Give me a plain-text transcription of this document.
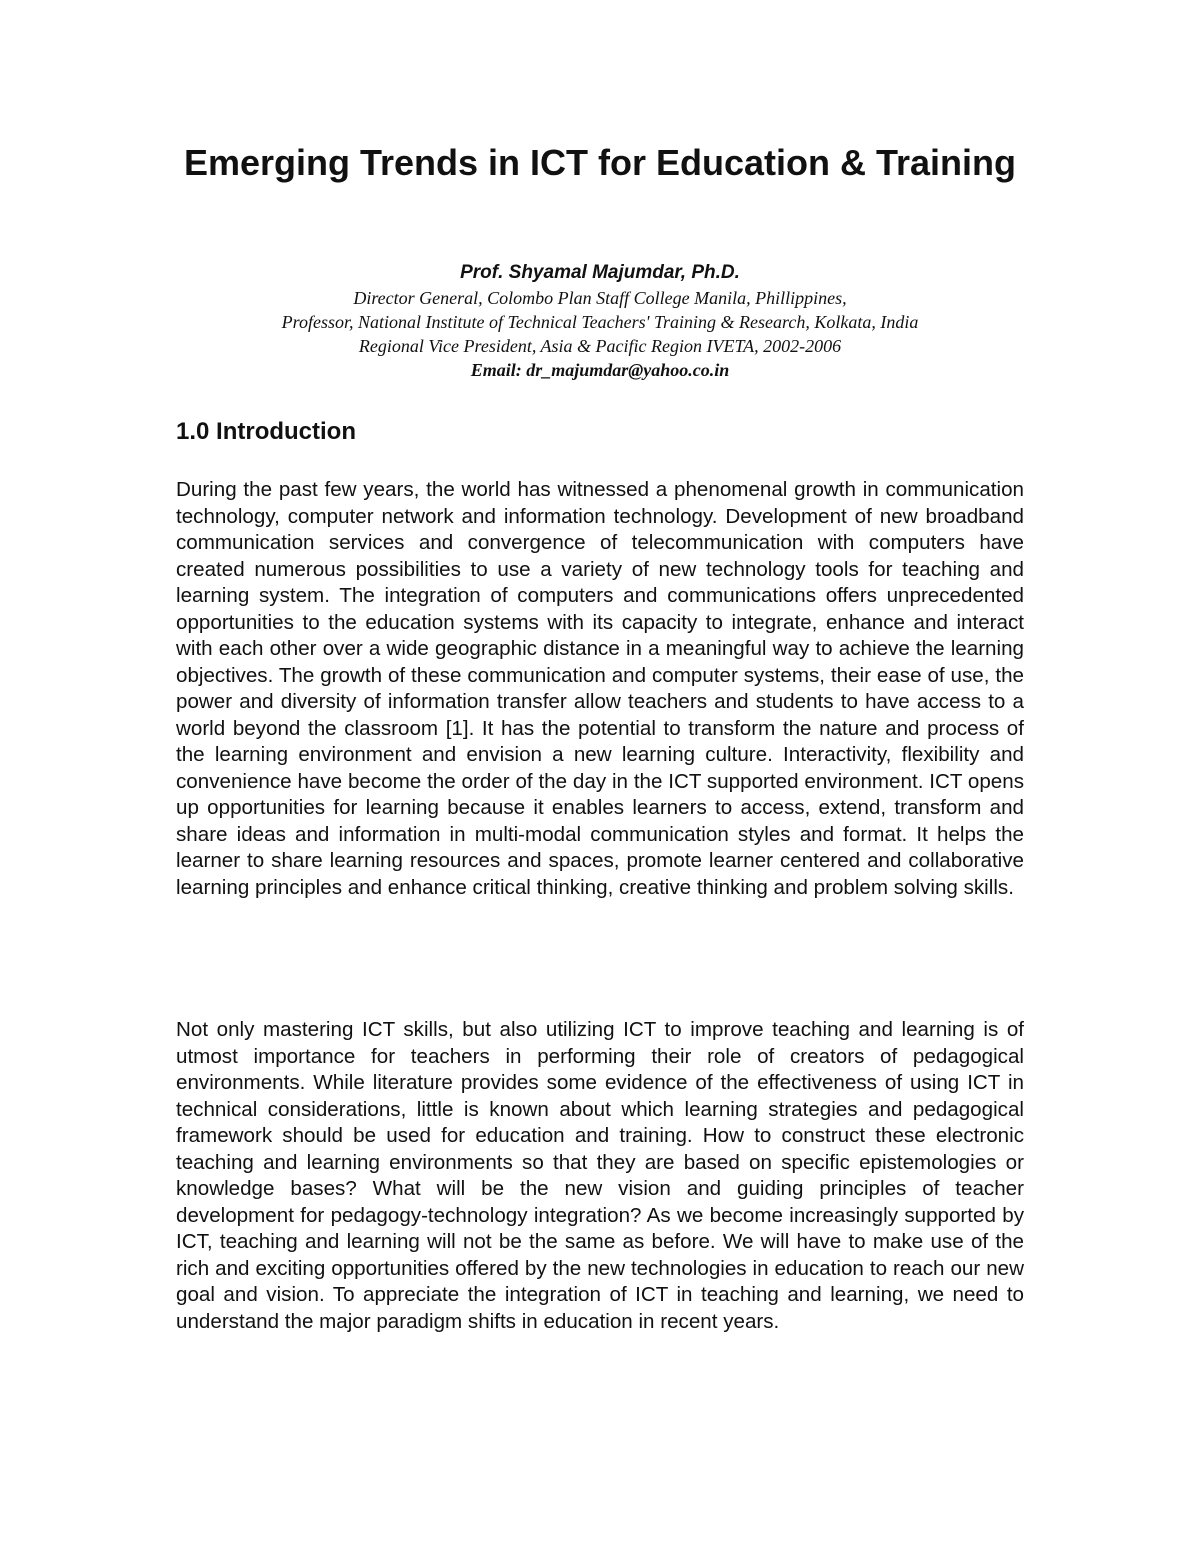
Emerging Trends in ICT for Education & Training

Prof. Shyamal Majumdar, Ph.D.

Director General, Colombo Plan Staff College Manila, Phillippines,

Professor, National Institute of Technical Teachers' Training & Research, Kolkata, India

Regional Vice President, Asia & Pacific Region IVETA, 2002-2006

Email: dr_majumdar@yahoo.co.in

1.0 Introduction

During the past few years, the world has witnessed a phenomenal growth in communication technology, computer network and information technology. Development of new broadband communication services and convergence of telecommunication with computers have created numerous possibilities to use a variety of new technology tools for teaching and learning system. The integration of computers and communications offers unprecedented opportunities to the education systems with its capacity to integrate, enhance and interact with each other over a wide geographic distance in a meaningful way to achieve the learning objectives. The growth of these communication and computer systems, their ease of use, the power and diversity of information transfer allow teachers and students to have access to a world beyond the classroom [1]. It has the potential to transform the nature and process of the learning environment and envision a new learning culture. Interactivity, flexibility and convenience have become the order of the day in the ICT supported environment. ICT opens up opportunities for learning because it enables learners to access, extend, transform and share ideas and information in multi-modal communication styles and format. It helps the learner to share learning resources and spaces, promote learner centered and collaborative learning principles and enhance critical thinking, creative thinking and problem solving skills.

Not only mastering ICT skills, but also utilizing ICT to improve teaching and learning is of utmost importance for teachers in performing their role of creators of pedagogical environments. While literature provides some evidence of the effectiveness of using ICT in technical considerations, little is known about which learning strategies and pedagogical framework should be used for education and training. How to construct these electronic teaching and learning environments so that they are based on specific epistemologies or knowledge bases? What will be the new vision and guiding principles of teacher development for pedagogy-technology integration? As we become increasingly supported by ICT, teaching and learning will not be the same as before. We will have to make use of the rich and exciting opportunities offered by the new technologies in education to reach our new goal and vision. To appreciate the integration of ICT in teaching and learning, we need to understand the major paradigm shifts in education in recent years.
